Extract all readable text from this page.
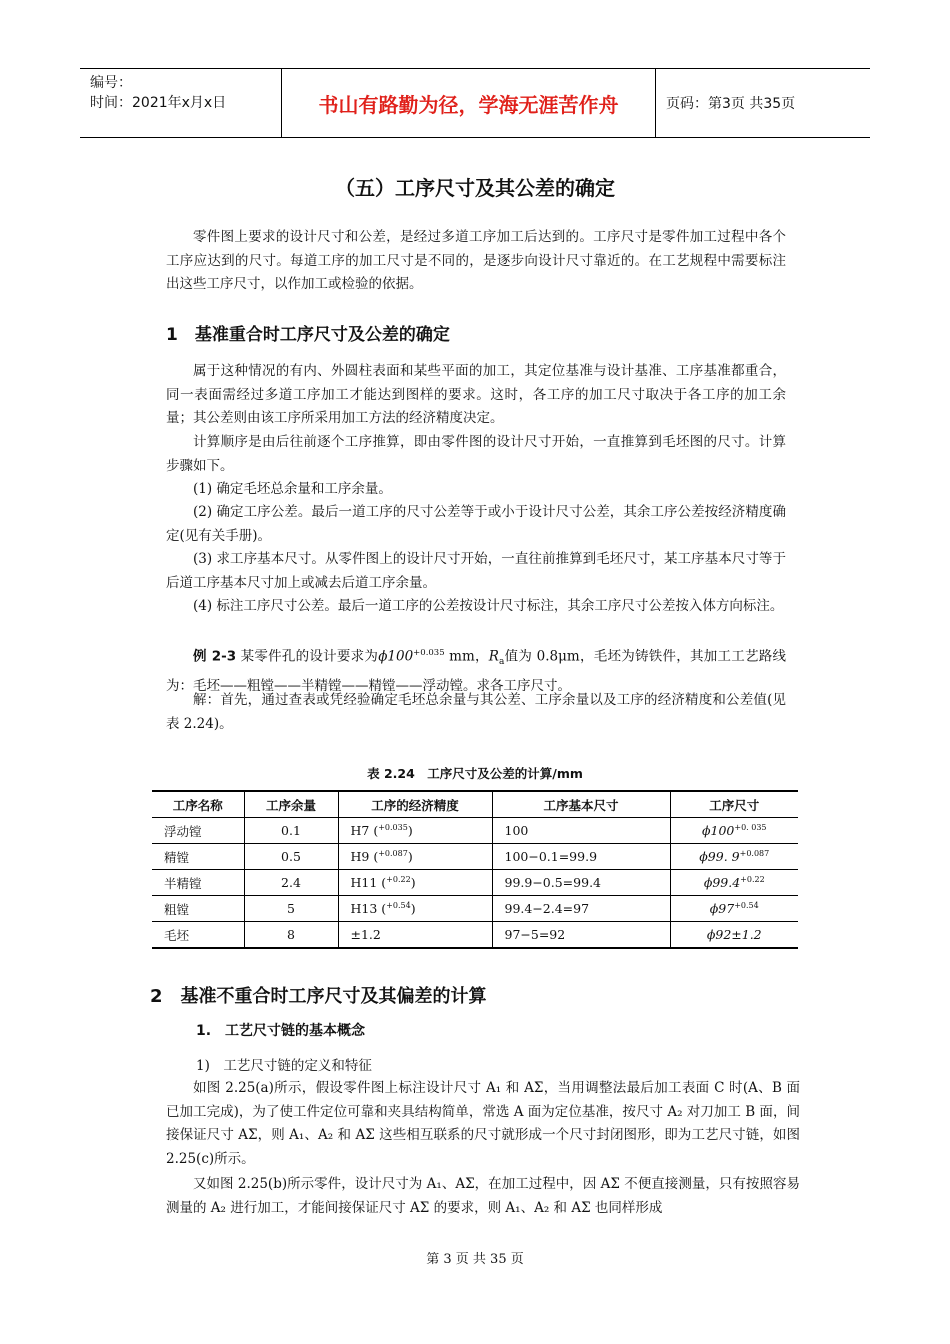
编号：
时间：2021年x月x日	书山有路勤为径，学海无涯苦作舟	页码：第3页 共35页
（五）工序尺寸及其公差的确定
零件图上要求的设计尺寸和公差，是经过多道工序加工后达到的。工序尺寸是零件加工过程中各个工序应达到的尺寸。每道工序的加工尺寸是不同的，是逐步向设计尺寸靠近的。在工艺规程中需要标注出这些工序尺寸，以作加工或检验的依据。
1　基准重合时工序尺寸及公差的确定
属于这种情况的有内、外圆柱表面和某些平面的加工，其定位基准与设计基准、工序基准都重合，同一表面需经过多道工序加工才能达到图样的要求。这时，各工序的加工尺寸取决于各工序的加工余量；其公差则由该工序所采用加工方法的经济精度决定。
计算顺序是由后往前逐个工序推算，即由零件图的设计尺寸开始，一直推算到毛坯图的尺寸。计算步骤如下。
(1) 确定毛坯总余量和工序余量。
(2) 确定工序公差。最后一道工序的尺寸公差等于或小于设计尺寸公差，其余工序公差按经济精度确定(见有关手册)。
(3) 求工序基本尺寸。从零件图上的设计尺寸开始，一直往前推算到毛坯尺寸，某工序基本尺寸等于后道工序基本尺寸加上或减去后道工序余量。
(4) 标注工序尺寸公差。最后一道工序的公差按设计尺寸标注，其余工序尺寸公差按入体方向标注。
例 2-3 某零件孔的设计要求为$\phi 100^{+0.035}$ mm，$R_a$值为 0.8μm，毛坯为铸铁件，其加工工艺路线为：毛坯——粗镗——半精镗——精镗——浮动镗。求各工序尺寸。
解：首先，通过查表或凭经验确定毛坯总余量与其公差、工序余量以及工序的经济精度和公差值(见表 2.24)。
表 2.24　工序尺寸及公差的计算/mm
工序名称	工序余量	工序的经济精度	工序基本尺寸	工序尺寸
浮动镗	0.1	H7 ($^{+0.035}$)	100	$\phi 100^{+0. 035}$
精镗	0.5	H9 ($^{+0.087}$)	100−0.1=99.9	ϕ99. $9^{+0.087}$
半精镗	2.4	H11 ($^{+0.22}$)	99.9−0.5=99.4	$\phi 99.4^{+0.22}$
粗镗	5	H13 ($^{+0.54}$)	99.4−2.4=97	$\phi 97^{+0.54}$
毛坯	8	±1.2	97−5=92	ϕ92±1.2
2　基准不重合时工序尺寸及其偏差的计算
1.　工艺尺寸链的基本概念
1)　工艺尺寸链的定义和特征
如图 2.25(a)所示，假设零件图上标注设计尺寸 A₁ 和 AΣ，当用调整法最后加工表面 C 时(A、B 面已加工完成)，为了使工件定位可靠和夹具结构简单，常选 A 面为定位基准，按尺寸 A₂ 对刀加工 B 面，间接保证尺寸 AΣ，则 A₁、A₂ 和 AΣ 这些相互联系的尺寸就形成一个尺寸封闭图形，即为工艺尺寸链，如图 2.25(c)所示。
又如图 2.25(b)所示零件，设计尺寸为 A₁、AΣ，在加工过程中，因 AΣ 不便直接测量，只有按照容易测量的 A₂ 进行加工，才能间接保证尺寸 AΣ 的要求，则 A₁、A₂ 和 AΣ 也同样形成
第 3 页 共 35 页
